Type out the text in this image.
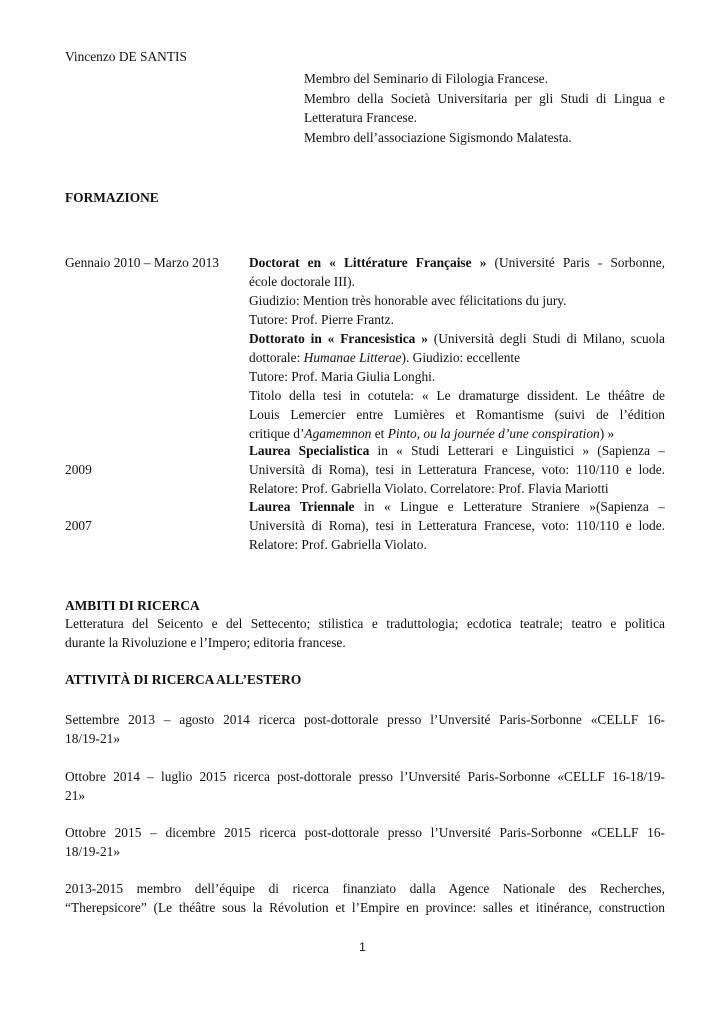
Vincenzo DE SANTIS
Membro del Seminario di Filologia Francese.
Membro della Società Universitaria per gli Studi di Lingua e
Letteratura Francese.
Membro dell’associazione Sigismondo Malatesta.
FORMAZIONE
Gennaio 2010 – Marzo 2013
2009
2007
Doctorat en « Littérature Française » (Université Paris - Sorbonne,
école doctorale III).
Giudizio: Mention très honorable avec félicitations du jury.
Tutore: Prof. Pierre Frantz.
Dottorato in « Francesistica » (Università degli Studi di Milano, scuola
dottorale: Humanae Litterae). Giudizio: eccellente
Tutore: Prof. Maria Giulia Longhi.
Titolo della tesi in cotutela: « Le dramaturge dissident. Le théâtre de
Louis Lemercier entre Lumières et Romantisme (suivi de l’édition
critique d’Agamemnon et Pinto, ou la journée d’une conspiration) »
Laurea Specialistica in « Studi Letterari e Linguistici » (Sapienza –
Università di Roma), tesi in Letteratura Francese, voto: 110/110 e lode.
Relatore: Prof. Gabriella Violato. Correlatore: Prof. Flavia Mariotti
Laurea Triennale in « Lingue e Letterature Straniere »(Sapienza –
Università di Roma), tesi in Letteratura Francese, voto: 110/110 e lode.
Relatore: Prof. Gabriella Violato.
AMBITI DI RICERCA
Letteratura del Seicento e del Settecento; stilistica e traduttologia; ecdotica teatrale; teatro e politica
durante la Rivoluzione e l’Impero; editoria francese.
ATTIVITÀ DI RICERCA ALL’ESTERO
Settembre 2013 – agosto 2014 ricerca post-dottorale presso l’Unversité Paris-Sorbonne «CELLF 16-
18/19-21»
Ottobre 2014 – luglio 2015 ricerca post-dottorale presso l’Unversité Paris-Sorbonne «CELLF 16-18/19-
21»
Ottobre 2015 – dicembre 2015 ricerca post-dottorale presso l’Unversité Paris-Sorbonne «CELLF 16-
18/19-21»
2013-2015 membro dell’équipe di ricerca finanziato dalla Agence Nationale des Recherches,
“Therepsicore” (Le théâtre sous la Révolution et l’Empire en province: salles et itinérance, construction
1
